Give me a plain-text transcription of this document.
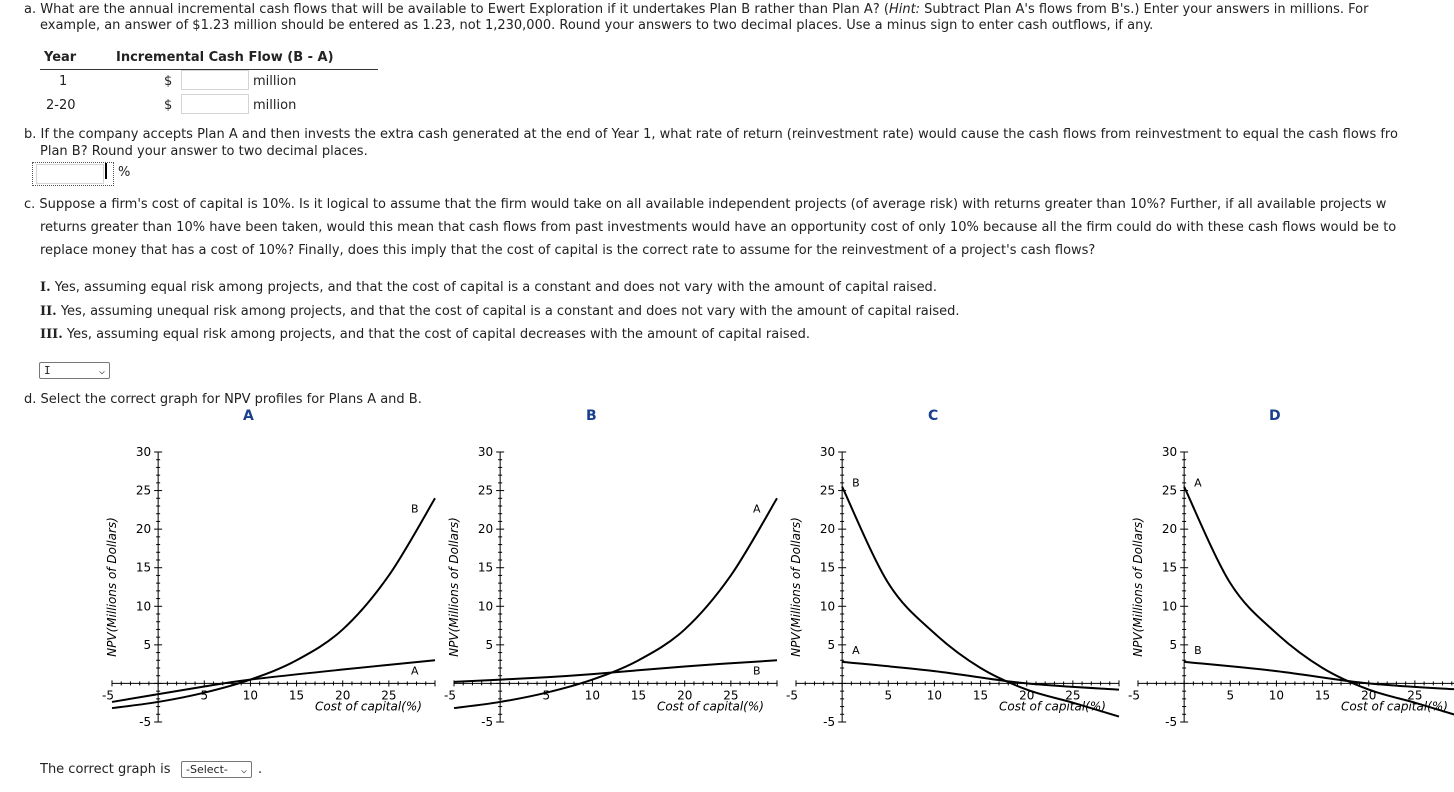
a. What are the annual incremental cash flows that will be available to Ewert Exploration if it undertakes Plan B rather than Plan A? (Hint: Subtract Plan A's flows from B's.) Enter your answers in millions. For
example, an answer of $1.23 million should be entered as 1.23, not 1,230,000. Round your answers to two decimal places. Use a minus sign to enter cash outflows, if any.
Year	Incremental Cash Flow (B - A)
1	$	million
2-20	$	million
b. If the company accepts Plan A and then invests the extra cash generated at the end of Year 1, what rate of return (reinvestment rate) would cause the cash flows from reinvestment to equal the cash flows fro
Plan B? Round your answer to two decimal places.
%
c. Suppose a firm's cost of capital is 10%. Is it logical to assume that the firm would take on all available independent projects (of average risk) with returns greater than 10%? Further, if all available projects w
returns greater than 10% have been taken, would this mean that cash flows from past investments would have an opportunity cost of only 10% because all the firm could do with these cash flows would be to
replace money that has a cost of 10%? Finally, does this imply that the cost of capital is the correct rate to assume for the reinvestment of a project's cash flows?
I. Yes, assuming equal risk among projects, and that the cost of capital is a constant and does not vary with the amount of capital raised.
II. Yes, assuming unequal risk among projects, and that the cost of capital is a constant and does not vary with the amount of capital raised.
III. Yes, assuming equal risk among projects, and that the cost of capital decreases with the amount of capital raised.
I	⌵
d. Select the correct graph for NPV profiles for Plans A and B.
A	B	C	D
-5	5	10	15	20	25
30
25
20
15
10
5
-5
Cost of capital(%)
NPV(Millions of Dollars)
B
A
-5	5	10	15	20	25
30
25
20
15
10
5
-5
Cost of capital(%)
NPV(Millions of Dollars)
A
B
-5	5	10	15	20	25
30
25
20
15
10
5
-5
Cost of capital(%)
NPV(Millions of Dollars)
B
A
-5	5	10	15	20	25
30
25
20
15
10
5
-5
Cost of capital(%)
NPV(Millions of Dollars)
A
B
The correct graph is	-Select- ⌵ .
